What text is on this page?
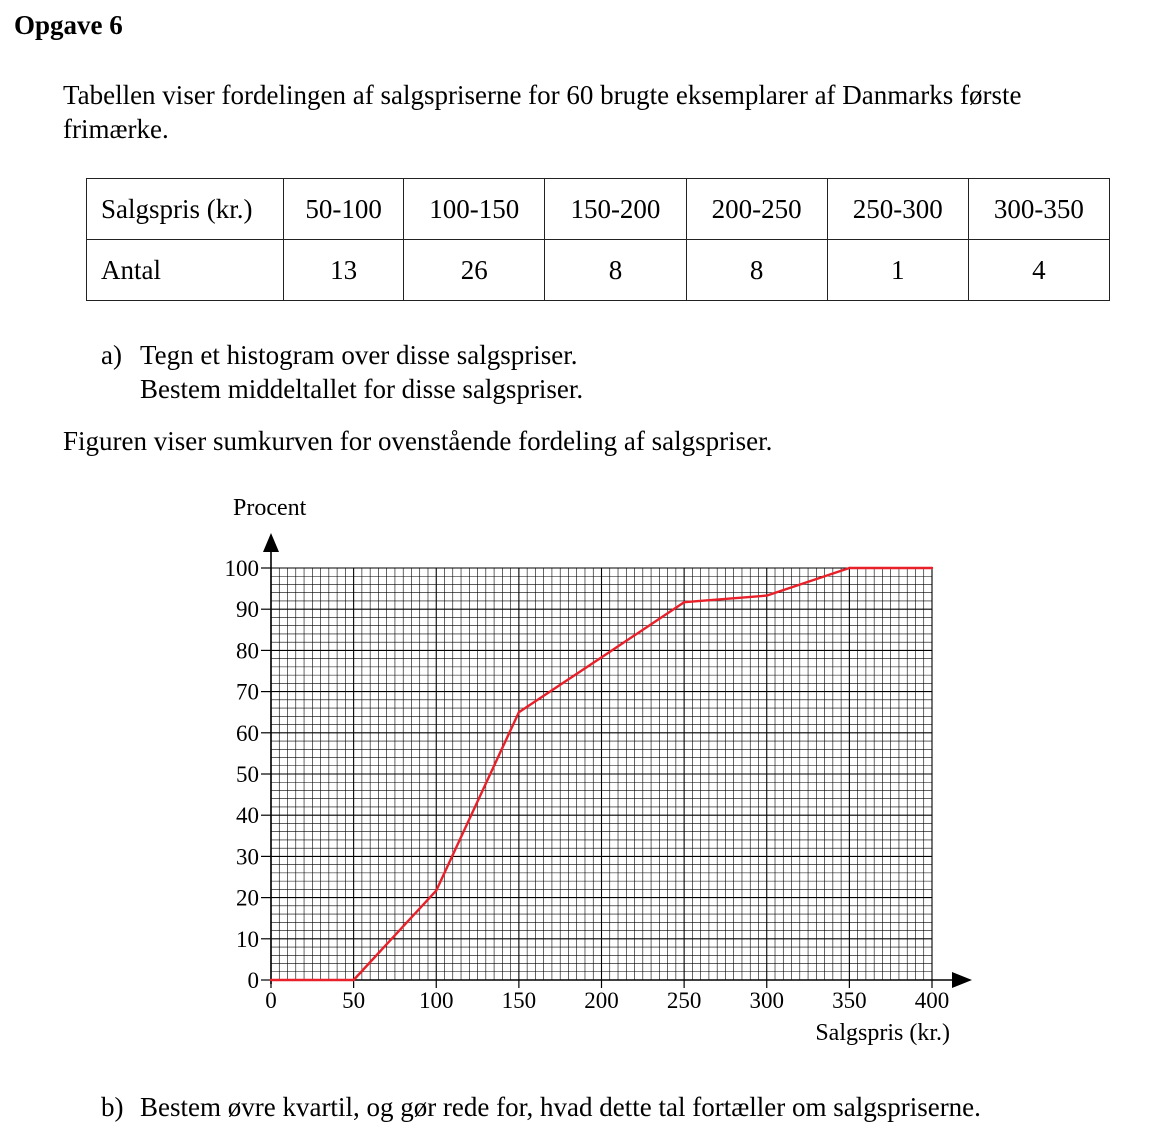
Opgave 6
Tabellen viser fordelingen af salgspriserne for 60 brugte eksemplarer af Danmarks første
frimærke.
Salgspris (kr.)	50-100	100-150	150-200	200-250	250-300	300-350
Antal	13	26	8	8	1	4
a) Tegn et histogram over disse salgspriser.
Bestem middeltallet for disse salgspriser.
Figuren viser sumkurven for ovenstående fordeling af salgspriser.
0
10
20
30
40
50
60
70
80
90
100
0	50 100 150 200 250 300 350 400
Procent
Salgspris (kr.)
b) Bestem øvre kvartil, og gør rede for, hvad dette tal fortæller om salgspriserne.
